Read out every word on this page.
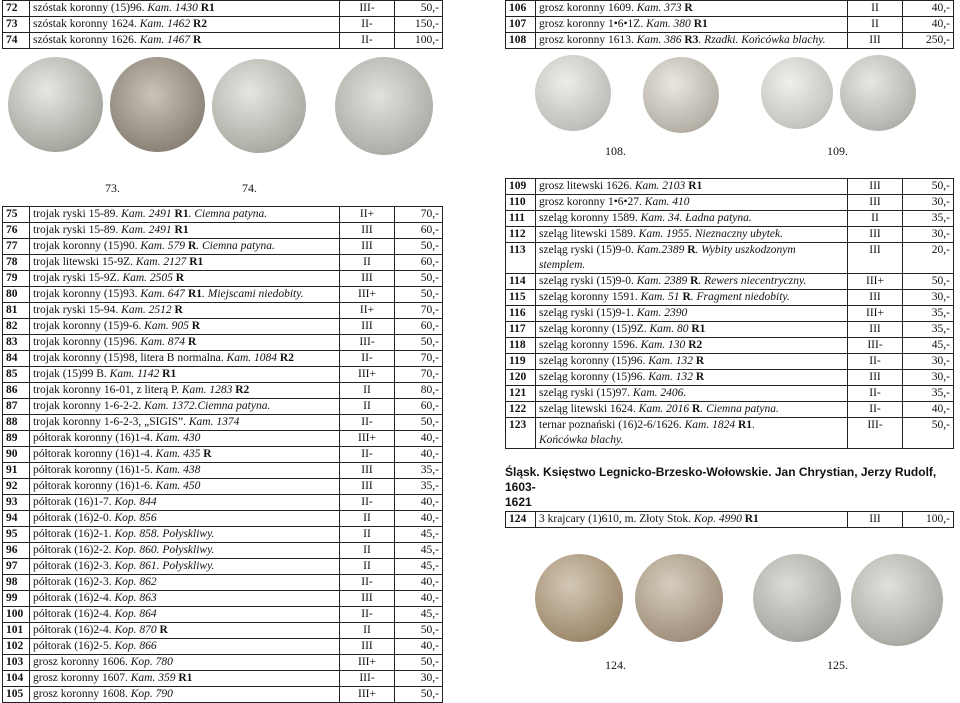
72	szóstak koronny (15)96. Kam. 1430 R1	III-	50,-
73	szóstak koronny 1624. Kam. 1462 R2	II-	150,-
74	szóstak koronny 1626. Kam. 1467 R	II-	100,-
73.	74.
75	trojak ryski 15-89. Kam. 2491 R1. Ciemna patyna.	II+	70,-
76	trojak ryski 15-89. Kam. 2491 R1	III	60,-
77	trojak koronny (15)90. Kam. 579 R. Ciemna patyna.	III	50,-
78	trojak litewski 15-9Z. Kam. 2127 R1	II	60,-
79	trojak ryski 15-9Z. Kam. 2505 R	III	50,-
80	trojak koronny (15)93. Kam. 647 R1. Miejscami niedobity.	III+	50,-
81	trojak ryski 15-94. Kam. 2512 R	II+	70,-
82	trojak koronny (15)9-6. Kam. 905 R	III	60,-
83	trojak koronny (15)96. Kam. 874 R	III-	50,-
84	trojak koronny (15)98, litera B normalna. Kam. 1084 R2	II-	70,-
85	trojak (15)99 B. Kam. 1142 R1	III+	70,-
86	trojak koronny 16-01, z literą P. Kam. 1283 R2	II	80,-
87	trojak koronny 1-6-2-2. Kam. 1372.Ciemna patyna.	II	60,-
88	trojak koronny 1-6-2-3, „SIGIS”. Kam. 1374	II-	50,-
89	półtorak koronny (16)1-4. Kam. 430	III+	40,-
90	półtorak koronny (16)1-4. Kam. 435 R	II-	40,-
91	półtorak koronny (16)1-5. Kam. 438	III	35,-
92	półtorak koronny (16)1-6. Kam. 450	III	35,-
93	półtorak (16)1-7. Kop. 844	II-	40,-
94	półtorak (16)2-0. Kop. 856	II	40,-
95	półtorak (16)2-1. Kop. 858. Połyskliwy.	II	45,-
96	półtorak (16)2-2. Kop. 860. Połyskliwy.	II	45,-
97	półtorak (16)2-3. Kop. 861. Połyskliwy.	II	45,-
98	półtorak (16)2-3. Kop. 862	II-	40,-
99	półtorak (16)2-4. Kop. 863	III	40,-
100	półtorak (16)2-4. Kop. 864	II-	45,-
101	półtorak (16)2-4. Kop. 870 R	II	50,-
102	półtorak (16)2-5. Kop. 866	III	40,-
103	grosz koronny 1606. Kop. 780	III+	50,-
104	grosz koronny 1607. Kam. 359 R1	III-	30,-
105	grosz koronny 1608. Kop. 790	III+	50,-
106	grosz koronny 1609. Kam. 373 R	II	40,-
107	grosz koronny 1•6•1Z. Kam. 380 R1	II	40,-
108	grosz koronny 1613. Kam. 386 R3. Rzadki. Końcówka blachy.	III	250,-
108.	109.
109	grosz litewski 1626. Kam. 2103 R1	III	50,-
110	grosz koronny 1•6•27. Kam. 410	III	30,-
111	szeląg koronny 1589. Kam. 34. Ładna patyna.	II	35,-
112	szeląg litewski 1589. Kam. 1955. Nieznaczny ubytek.	III	30,-
113	szeląg ryski (15)9-0. Kam.2389 R. Wybity uszkodzonym
stemplem.	III	20,-
114	szeląg ryski (15)9-0. Kam. 2389 R. Rewers niecentryczny.	III+	50,-
115	szeląg koronny 1591. Kam. 51 R. Fragment niedobity.	III	30,-
116	szeląg ryski (15)9-1. Kam. 2390	III+	35,-
117	szeląg koronny (15)9Z. Kam. 80 R1	III	35,-
118	szeląg koronny 1596. Kam. 130 R2	III-	45,-
119	szeląg koronny (15)96. Kam. 132 R	II-	30,-
120	szeląg koronny (15)96. Kam. 132 R	III	30,-
121	szeląg ryski (15)97. Kam. 2406.	II-	35,-
122	szeląg litewski 1624. Kam. 2016 R. Ciemna patyna.	II-	40,-
123	ternar poznański (16)2-6/1626. Kam. 1824 R1.
Końcówka blachy.	III-	50,-

Śląsk. Księstwo Legnicko-Brzesko-Wołowskie. Jan Chrystian, Jerzy Rudolf, 1603-
1621

124	3 krajcary (1)610, m. Złoty Stok. Kop. 4990 R1	III	100,-
124.	125.
